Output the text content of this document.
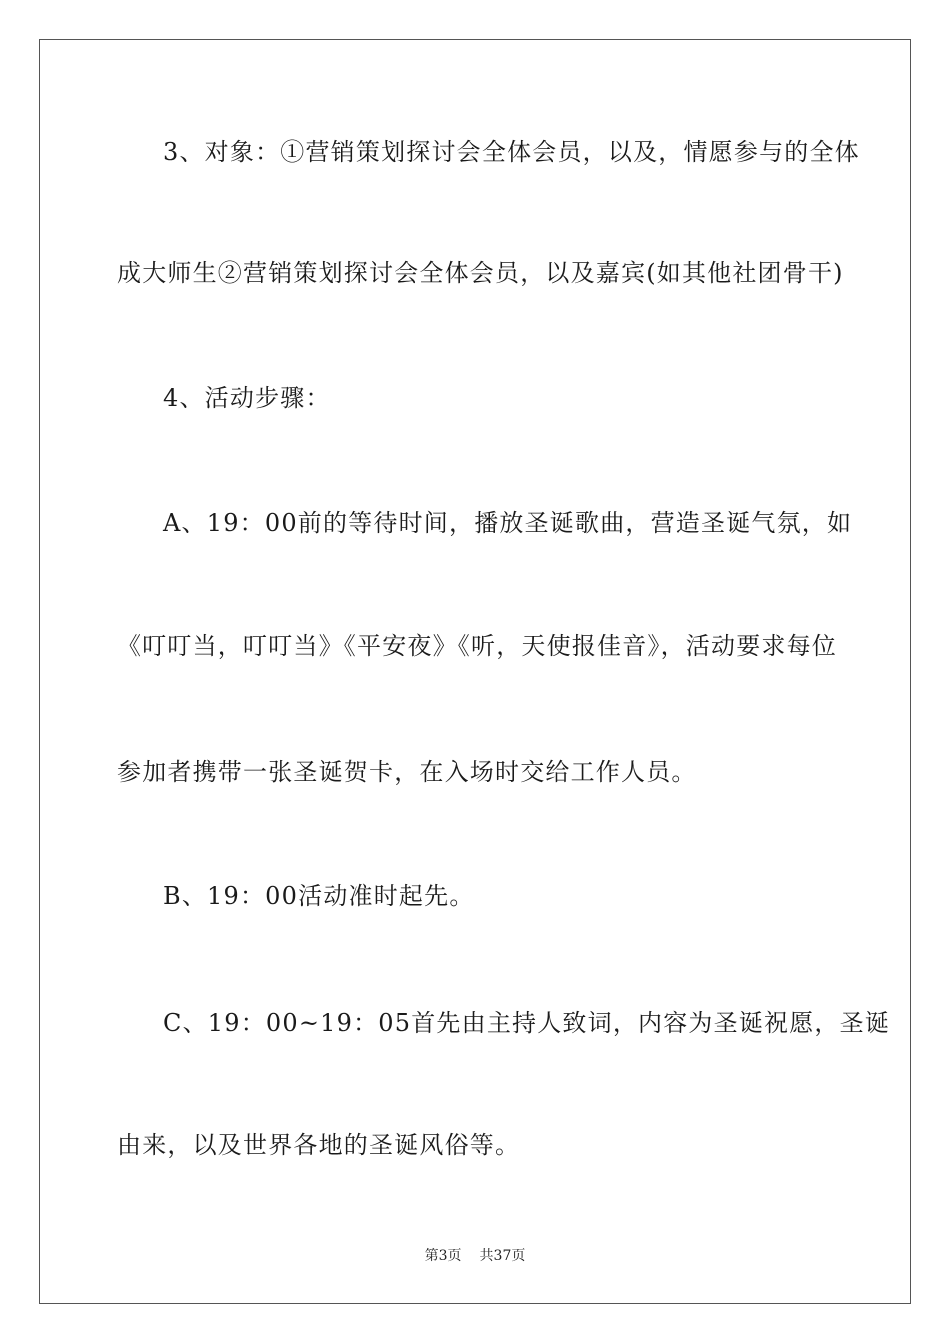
3、对象：①营销策划探讨会全体会员，以及，情愿参与的全体
成大师生②营销策划探讨会全体会员，以及嘉宾(如其他社团骨干)
4、活动步骤：
A、19：00前的等待时间，播放圣诞歌曲，营造圣诞气氛，如
《叮叮当，叮叮当》《平安夜》《听，天使报佳音》，活动要求每位
参加者携带一张圣诞贺卡，在入场时交给工作人员。
B、19：00活动准时起先。
C、19：00~19：05首先由主持人致词，内容为圣诞祝愿，圣诞
由来，以及世界各地的圣诞风俗等。
第3页 共37页
